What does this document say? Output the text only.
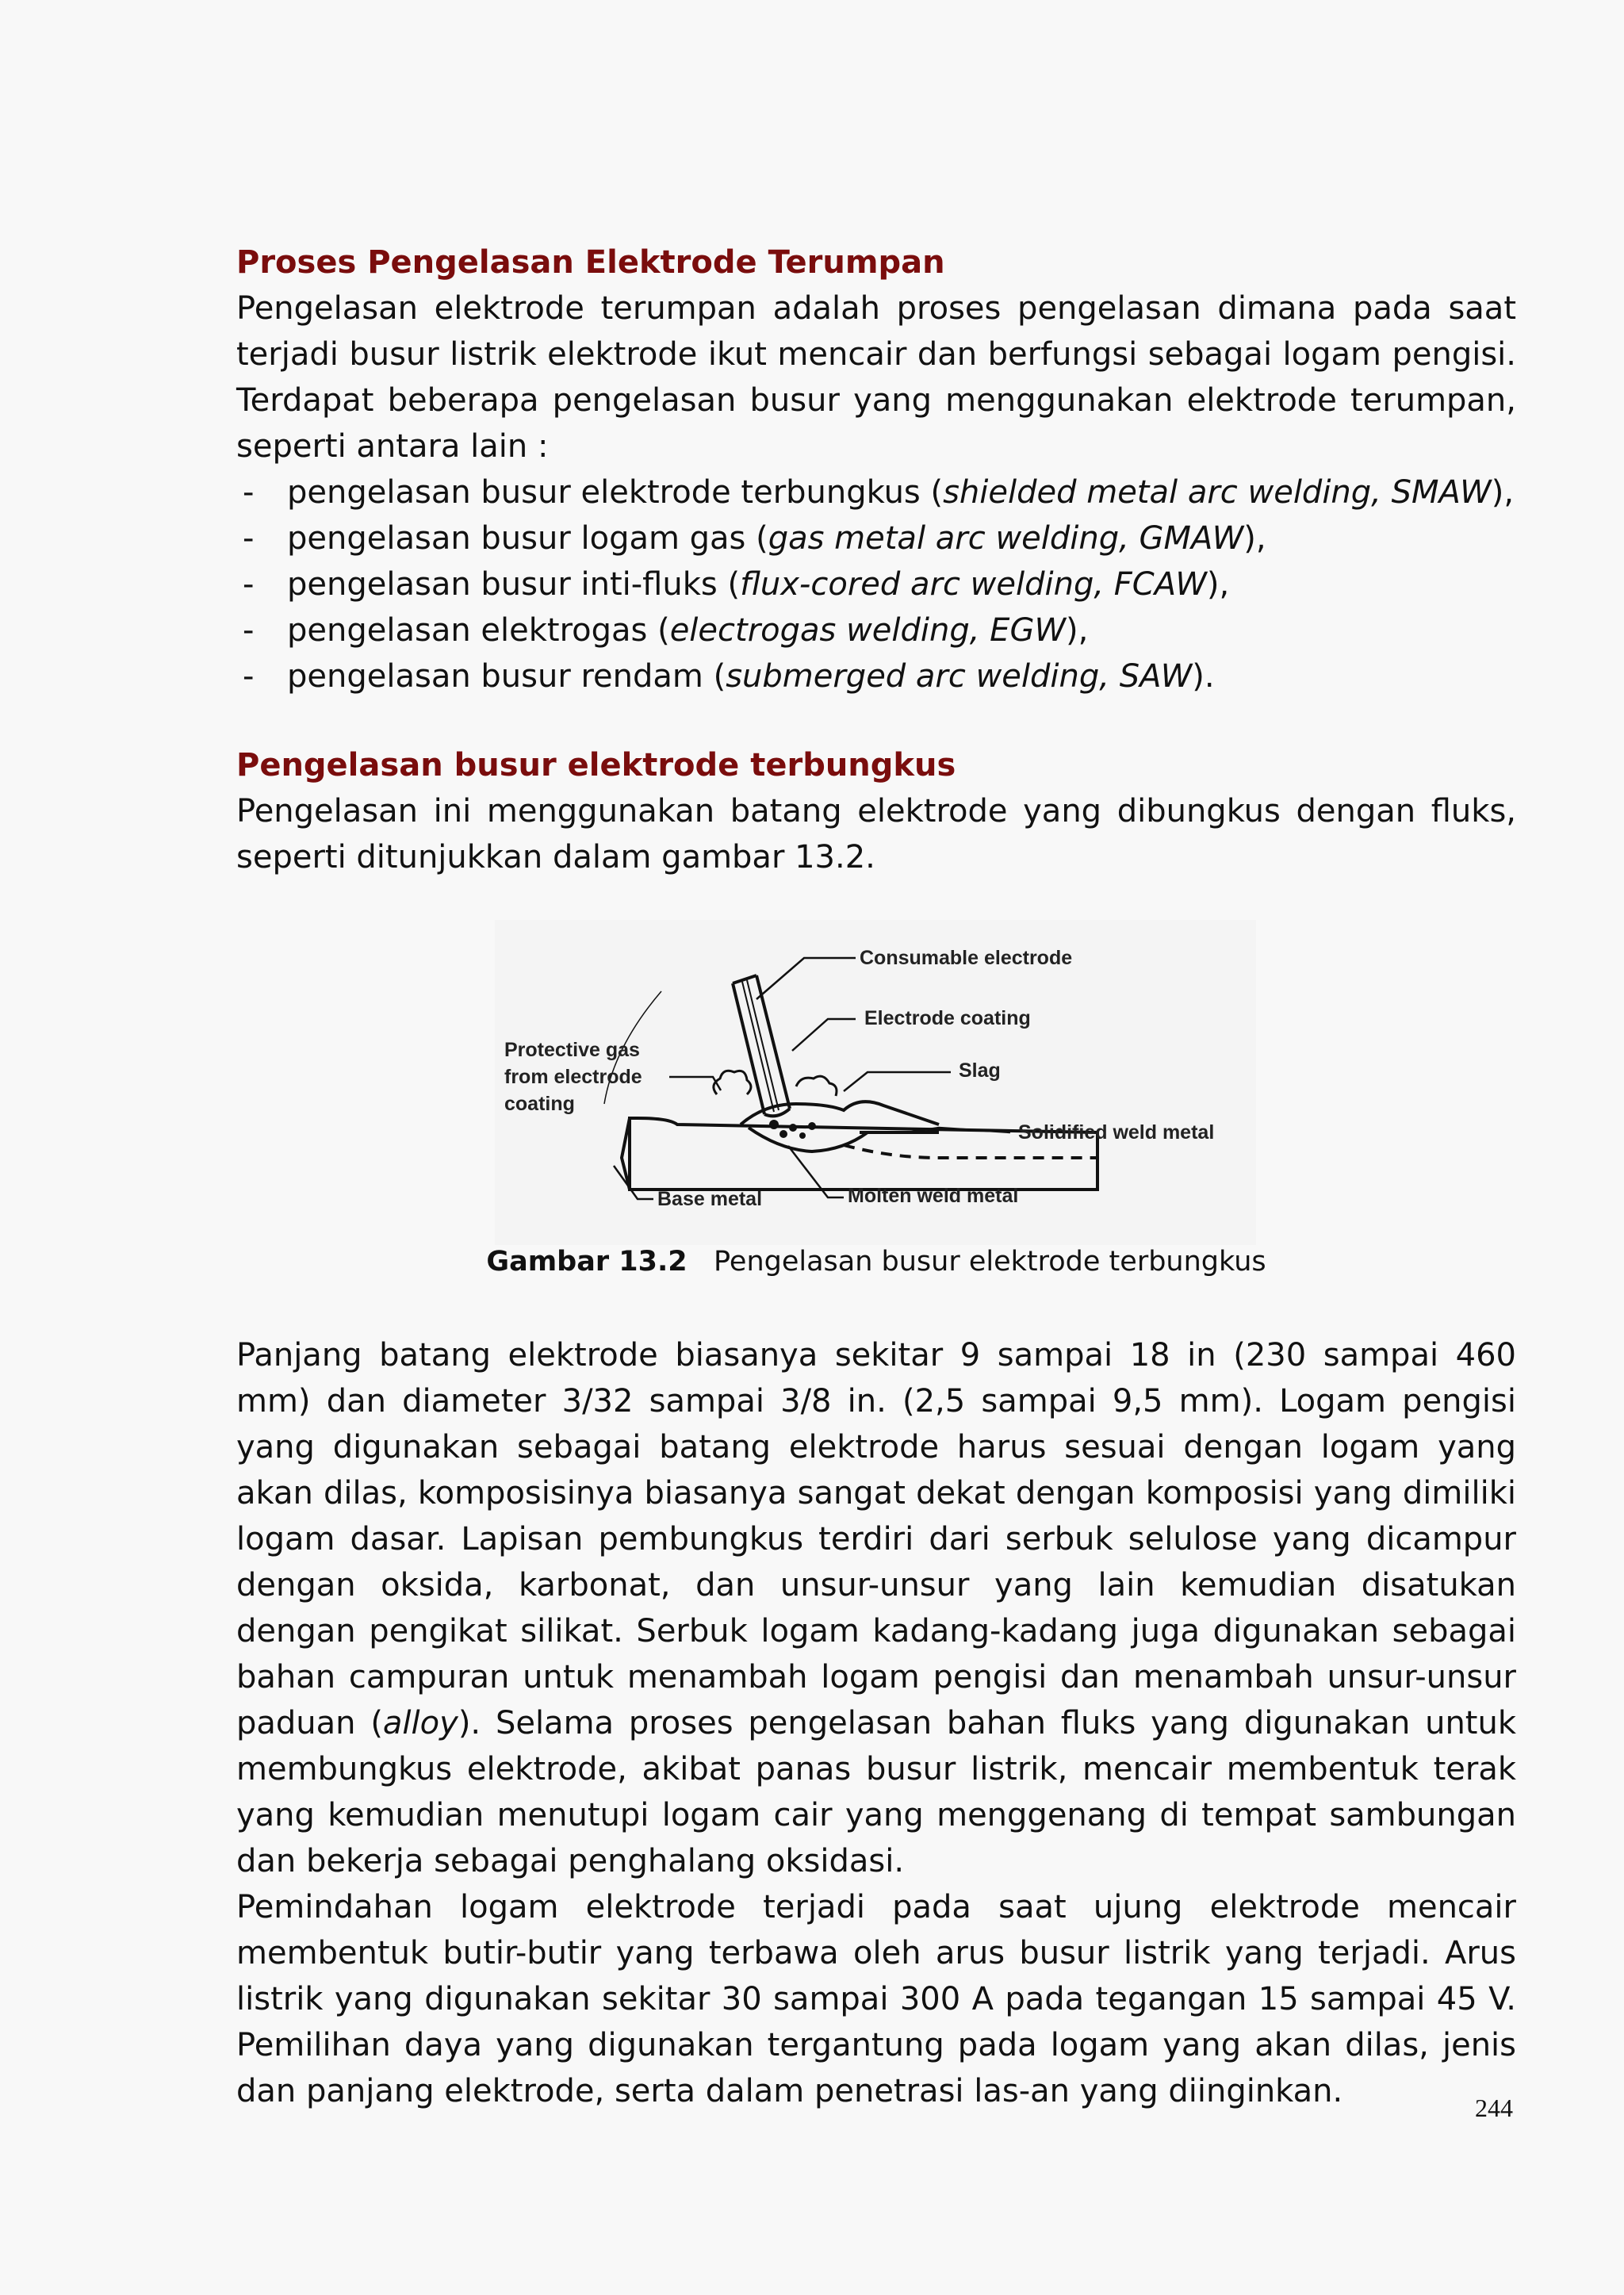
Proses Pengelasan Elektrode Terumpan

Pengelasan elektrode terumpan adalah proses pengelasan dimana pada saat terjadi busur listrik elektrode ikut mencair dan berfungsi sebagai logam pengisi. Terdapat beberapa pengelasan busur yang menggunakan elektrode terumpan, seperti antara lain :

- pengelasan busur elektrode terbungkus (shielded metal arc welding, SMAW),
- pengelasan busur logam gas (gas metal arc welding, GMAW),
- pengelasan busur inti-fluks (flux-cored arc welding, FCAW),
- pengelasan elektrogas (electrogas welding, EGW),
- pengelasan busur rendam (submerged arc welding, SAW).
Pengelasan busur elektrode terbungkus

Pengelasan ini menggunakan batang elektrode yang dibungkus dengan fluks, seperti ditunjukkan dalam gambar 13.2.

Consumable electrode
Electrode coating
Protective gas
from electrode
coating
Slag
Solidified weld metal
Base metal	Molten weld metal
Gambar 13.2 Pengelasan busur elektrode terbungkus

Panjang batang elektrode biasanya sekitar 9 sampai 18 in (230 sampai 460 mm) dan diameter 3/32 sampai 3/8 in. (2,5 sampai 9,5 mm). Logam pengisi yang digunakan sebagai batang elektrode harus sesuai dengan logam yang akan dilas, komposisinya biasanya sangat dekat dengan komposisi yang dimiliki logam dasar. Lapisan pembungkus terdiri dari serbuk selulose yang dicampur dengan oksida, karbonat, dan unsur-unsur yang lain kemudian disatukan dengan pengikat silikat. Serbuk logam kadang-kadang juga digunakan sebagai bahan campuran untuk menambah logam pengisi dan menambah unsur-unsur paduan (alloy). Selama proses pengelasan bahan fluks yang digunakan untuk membungkus elektrode, akibat panas busur listrik, mencair membentuk terak yang kemudian menutupi logam cair yang menggenang di tempat sambungan dan bekerja sebagai penghalang oksidasi.

Pemindahan logam elektrode terjadi pada saat ujung elektrode mencair membentuk butir-butir yang terbawa oleh arus busur listrik yang terjadi. Arus listrik yang digunakan sekitar 30 sampai 300 A pada tegangan 15 sampai 45 V. Pemilihan daya yang digunakan tergantung pada logam yang akan dilas, jenis dan panjang elektrode, serta dalam penetrasi las-an yang diinginkan.	244
